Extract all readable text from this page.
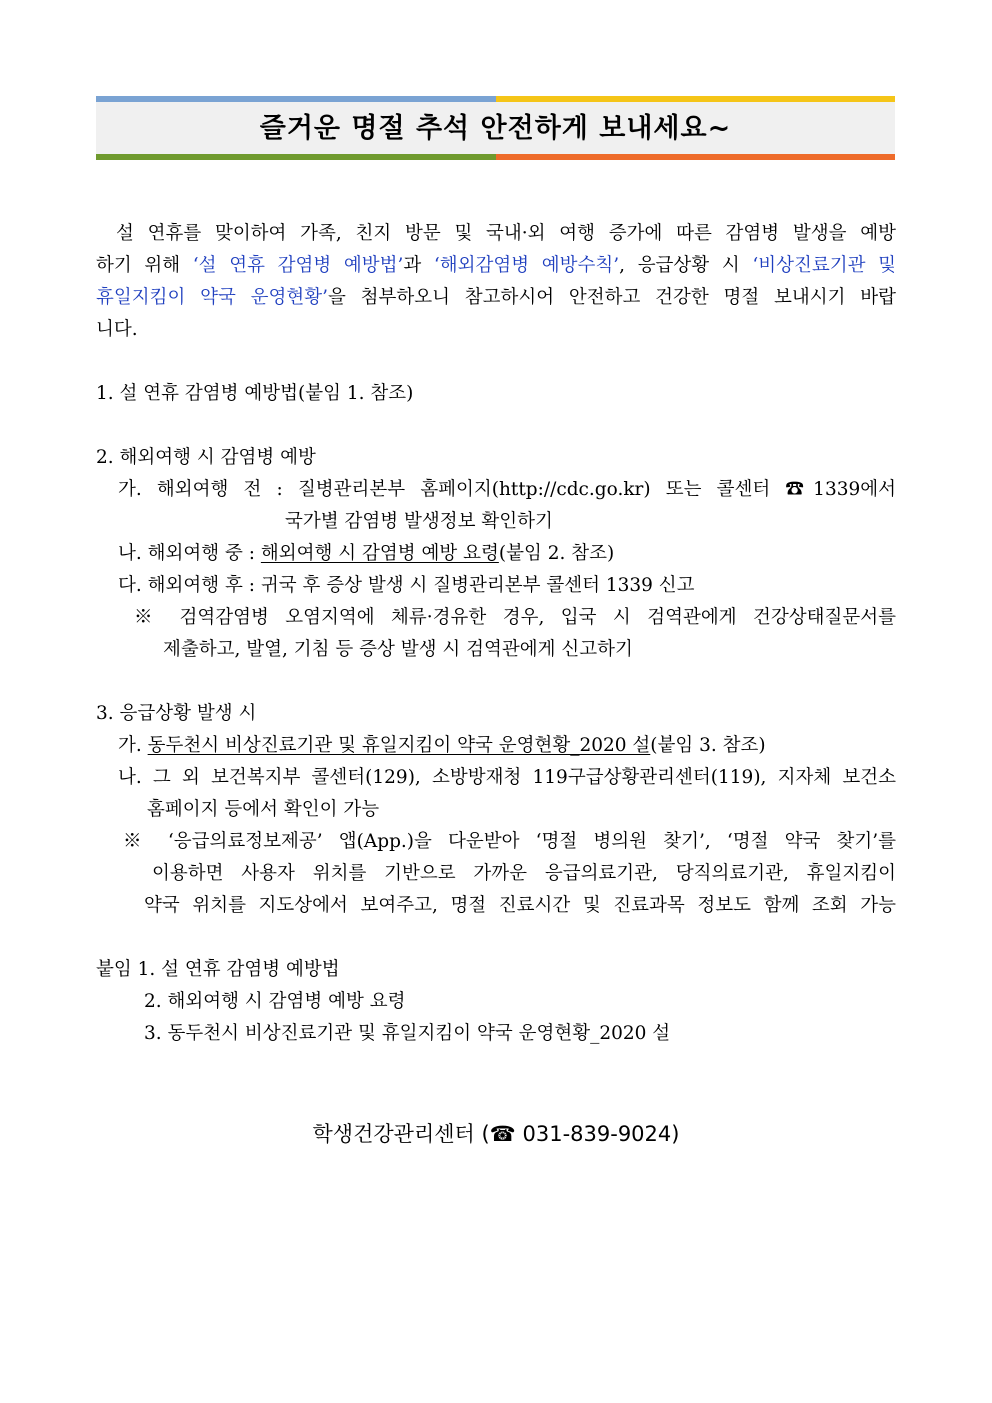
즐거운 명절 추석 안전하게 보내세요~
설 연휴를 맞이하여 가족, 친지 방문 및 국내·외 여행 증가에 따른 감염병 발생을 예방
하기 위해 ‘설 연휴 감염병 예방법’과 ‘해외감염병 예방수칙’, 응급상황 시 ‘비상진료기관 및
휴일지킴이 약국 운영현황’을 첨부하오니 참고하시어 안전하고 건강한 명절 보내시기 바랍
니다.
1. 설 연휴 감염병 예방법(붙임 1. 참조)
2. 해외여행 시 감염병 예방
가. 해외여행 전 : 질병관리본부 홈페이지(http://cdc.go.kr) 또는 콜센터 ☎1339에서
국가별 감염병 발생정보 확인하기
나. 해외여행 중 : 해외여행 시 감염병 예방 요령(붙임 2. 참조)
다. 해외여행 후 : 귀국 후 증상 발생 시 질병관리본부 콜센터 1339 신고
※ 검역감염병 오염지역에 체류·경유한 경우, 입국 시 검역관에게 건강상태질문서를
제출하고, 발열, 기침 등 증상 발생 시 검역관에게 신고하기
3. 응급상황 발생 시
가. 동두천시 비상진료기관 및 휴일지킴이 약국 운영현황_2020 설(붙임 3. 참조)
나. 그 외 보건복지부 콜센터(129), 소방방재청 119구급상황관리센터(119), 지자체 보건소
홈페이지 등에서 확인이 가능
※ ‘응급의료정보제공’ 앱(App.)을 다운받아 ‘명절 병의원 찾기’, ‘명절 약국 찾기’를
이용하면 사용자 위치를 기반으로 가까운 응급의료기관, 당직의료기관, 휴일지킴이
약국 위치를 지도상에서 보여주고, 명절 진료시간 및 진료과목 정보도 함께 조회 가능
붙임 1. 설 연휴 감염병 예방법
2. 해외여행 시 감염병 예방 요령
3. 동두천시 비상진료기관 및 휴일지킴이 약국 운영현황_2020 설
학생건강관리센터 (☎ 031-839-9024)
